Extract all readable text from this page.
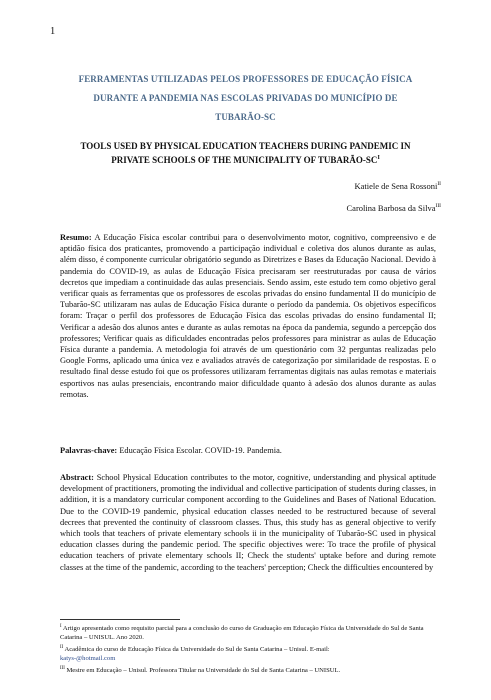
1
FERRAMENTAS UTILIZADAS PELOS PROFESSORES DE EDUCAÇÃO FÍSICA
DURANTE A PANDEMIA NAS ESCOLAS PRIVADAS DO MUNICÍPIO DE
TUBARÃO-SC
TOOLS USED BY PHYSICAL EDUCATION TEACHERS DURING PANDEMIC IN
PRIVATE SCHOOLS OF THE MUNICIPALITY OF TUBARÃO-$SC^I$
Katiele de Sena Rossoni$^{II}$
Carolina Barbosa da Silva$^{III}$
Resumo: A Educação Física escolar contribui para o desenvolvimento motor, cognitivo, compreensivo e de aptidão física dos praticantes, promovendo a participação individual e coletiva dos alunos durante as aulas, além disso, é componente curricular obrigatório segundo as Diretrizes e Bases da Educação Nacional. Devido à pandemia do COVID-19, as aulas de Educação Física precisaram ser reestruturadas por causa de vários decretos que impediam a continuidade das aulas presenciais. Sendo assim, este estudo tem como objetivo geral verificar quais as ferramentas que os professores de escolas privadas do ensino fundamental II do município de Tubarão-SC utilizaram nas aulas de Educação Física durante o período da pandemia. Os objetivos específicos foram: Traçar o perfil dos professores de Educação Física das escolas privadas do ensino fundamental II; Verificar a adesão dos alunos antes e durante as aulas remotas na época da pandemia, segundo a percepção dos professores; Verificar quais as dificuldades encontradas pelos professores para ministrar as aulas de Educação Física durante a pandemia. A metodologia foi através de um questionário com 32 perguntas realizadas pelo Google Forms, aplicado uma única vez e avaliados através de categorização por similaridade de respostas. E o resultado final desse estudo foi que os professores utilizaram ferramentas digitais nas aulas remotas e materiais esportivos nas aulas presenciais, encontrando maior dificuldade quanto à adesão dos alunos durante as aulas remotas.
Palavras-chave: Educação Física Escolar. COVID-19. Pandemia.
Abstract: School Physical Education contributes to the motor, cognitive, understanding and physical aptitude development of practitioners, promoting the individual and collective participation of students during classes, in addition, it is a mandatory curricular component according to the Guidelines and Bases of National Education. Due to the COVID-19 pandemic, physical education classes needed to be restructured because of several decrees that prevented the continuity of classroom classes. Thus, this study has as general objective to verify which tools that teachers of private elementary schools ii in the municipality of Tubarão-SC used in physical education classes during the pandemic period. The specific objectives were: To trace the profile of physical education teachers of private elementary schools II; Check the students' uptake before and during remote classes at the time of the pandemic, according to the teachers' perception; Check the difficulties encountered by
$^I$ Artigo apresentado como requisito parcial para a conclusão do curso de Graduação em Educação Física da Universidade do Sul de Santa Catarina – UNISUL. Ano 2020.
$^{II}$ Acadêmica do curso de Educação Física da Universidade do Sul de Santa Catarina – Unisul. E-mail:
katys-@hotmail.com
$^{III}$ Mestre em Educação – Unisul. Professora Titular na Universidade do Sul de Santa Catarina – UNISUL.
